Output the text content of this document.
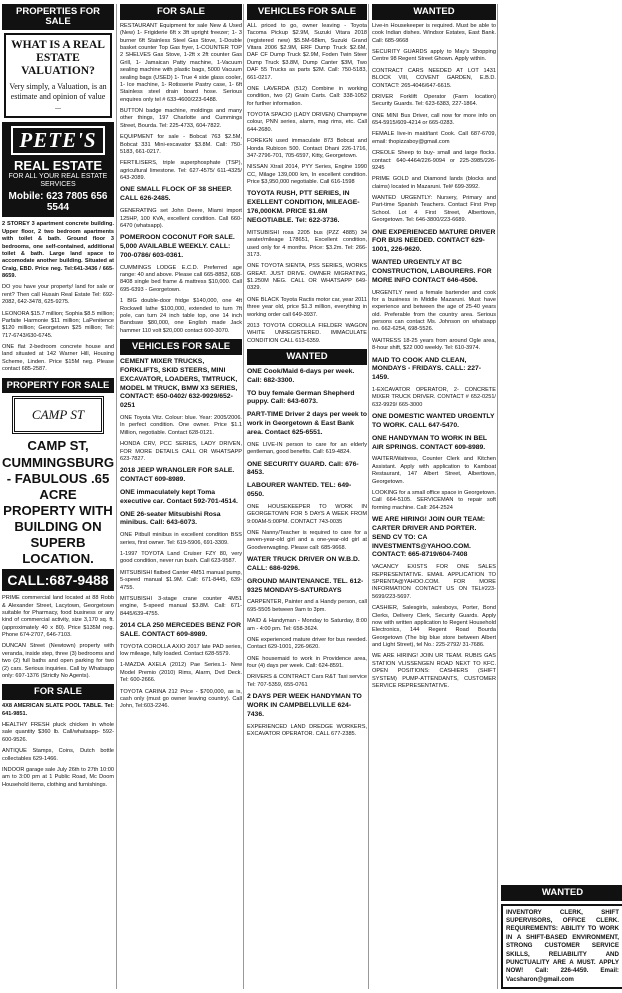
PROPERTIES FOR SALE
WHAT IS A REAL ESTATE VALUATION?
Very simply, a Valuation, is an estimate and opinion of value ...
PETE'S
REAL ESTATE
FOR ALL YOUR REAL ESTATE SERVICES
Mobile: 623 7805 656 5544

2 STOREY 3 apartment concrete building. Upper floor, 2 two bedroom apartments with toilet & bath. Ground floor 3 bedrooms, one self-contained, additional toilet & bath. Large land space to accomodate another building. Situated at Craig, EBD. Price neg. Tel:641-3436 / 665-8659.

DO you have your property/ land for sale or rent? Then call Husain Real Estate Tel: 692-2082, 642-3478, 625-9275.

LEONORA $15.7 million; Sophia $8.5 million; Parfaite Harmonie $11 million; LaPenitence $120 million; Georgetown $25 million; Tel: 717-6743/630-6745.

ONE flat 2-bedroom concrete house and land situated at 142 Warner Hill, Housing Scheme, Linden. Price $15M neg. Please contact 685-2587.

PROPERTY FOR SALE
CAMP ST
CAMP ST, CUMMINGSBURG - FABULOUS .65 ACRE PROPERTY WITH BUILDING ON SUPERB LOCATION.
CALL:687-9488

PRIME commercial land located at 88 Robb & Alexander Street, Lacytown, Georgetown suitable for Pharmacy, food business or any kind of commercial activity, size 3,170 sq. ft. (approximately 40 x 80). Price $135M neg. Phone 674-2707, 646-7103.

DUNCAN Street (Newtown) property with veranda, inside step, three (3) bedrooms and two (2) full baths and open parking for two (2) cars. Serious inquiries. Call by Whatsapp only: 697-1376 (Strictly No Agents).

FOR SALE

4X8 AMERICAN SLATE POOL TABLE. Tel: 641-9851.

HEALTHY FRESH pluck chicken in whole sale quantity $360 lb. Call/whatsapp- 592-600-9526.

ANTIQUE Stamps, Coins, Dutch bottle collectables 629-1466.

INDOOR garage sale July 26th to 27th 10:00 am to 3:00 pm at 1 Public Road, Mc Doom Household items, clothing and furnishings.

FOR SALE

RESTAURANT Equipment for sale New & Used (New) 1- Frigiderie 6ft x 3ft upright freezer; 1- 3 burner 6ft Stainless Steel Gas Stove, 1-Double basket counter Top Gas fryer, 1-COUNTER TOP 2 SHELVES Gas Stove, 1-2ft x 2ft counter Gas Grill, 1- Jamaican Patty machine, 1-Vacuum sealing machine with plastic bags, 5000 Vacuum sealing bags (USED) 1- True 4 side glass cooler, 1- Ice machine, 1- Rotisserie Pastry case, 1- 6ft Stainless steel drain board hose. Serious enquires only tel # 633-4600/223-6488.

BUTTON badge machine, moldings and many other things, 197 Charlotte and Cummings Street, Bourda. Tel: 225-4733, 604-7822.

EQUIPMENT for sale - Bobcat 763 $2.5M, Bobcat 331 Mini-excavator $3.8M. Call: 750-5183, 661-0217.

FERTILISERS, triple superphosphate (TSP), agricultural limestone. Tel: 627-4575/ 611-4325/ 643-2089.

ONE SMALL FLOCK OF 38 SHEEP. CALL 626-2485.

GENERATING set John Deere, Miami import 125HP, 100 KVA, excellent condition. Call 660-6470 (whatsapp).

POMEROON COCONUT FOR SALE. 5,000 AVAILABLE WEEKLY. CALL: 700-0786/ 603-0361.

CUMMINGS LODGE E.C.D. Preferred age range: 40 and above. Please call 665-8852, 608-8408 single bed frame & mattress $10,000. Call 695-6393 - Georgetown.

1 BIG double-door fridge $140,000, one 4ft Rockwell lathe $100,000, extended to turn 7ft pole, can turn 24 inch table top, one 14 inch Bandsaw $80,000, one English made Jack hammer 110 volt $20,000 contact 600-3070.

VEHICLES FOR SALE

CEMENT MIXER TRUCKS, FORKLIFTS, SKID STEERS, MINI EXCAVATOR, LOADERS, TMTRUCK, MODEL M TRUCK, BMW X3 SERIES, CONTACT: 650-0402/ 632-9929/652-0251

ONE Toyota Vitz. Colour: blue. Year: 2005/2006. In perfect condition. One owner. Price $1.1 Million, negotiable. Contact 628-0121.

HONDA CRV, PCC SERIES, LADY DRIVEN, FOR MORE DETAILS CALL OR WHATSAPP 623-7827.

2018 JEEP WRANGLER FOR SALE. CONTACT 609-8989.

ONE immaculately kept Toma executive car. Contact 592-701-4514.

ONE 26-seater Mitsubishi Rosa minibus. Call: 643-6073.

ONE Pitbull minibus in excellent condition BSS series, first owner. Tel: 619-5906, 691-3309.

1-1997 TOYOTA Land Cruiser FZY 80, very good condition, never run bush. Call 623-9587.

MITSUBISHI flatbed Canter 4M51 manual pump, 5-speed manual $1.9M. Call: 671-8445, 639-4755.

MITSUBISHI 3-stage crane counter 4M51 engine, 5-speed manual $3.8M. Call: 671-8445/639-4755.

2014 CLA 250 MERCEDES BENZ FOR SALE. CONTACT 609-8989.

TOYOTA COROLLA AXIO 2017 late PAD series, low mileage, fully loaded. Contact 628-5579.

1-MAZDA AXELA (2012) Pae Series.1- New Model Premio (2010) Rims, Alarm, Dvd Deck. Tel: 600-2666.

TOYOTA CARINA 212 Price - $700,000, as is, cash only (must go owner leaving country). Call John, Tel:603-2246.

VEHICLES FOR SALE

ALL priced to go, owner leaving - Toyota Tacoma Pickup $2.9M, Suzuki Vitara 2018 (registered new) $5.5M-68km, Suzuki Grand Vitara 2006 $2.9M, ERF Dump Truck $2.6M, DAF CF Dump Truck $2.9M, Foden Twin Steer Dump Truck $3.8M, Dump Canter $3M, Two DAF 55 Trucks as parts $2M. Call: 750-5183, 661-0217.

ONE LAVERDA (512) Combine in working condition, two (2) Grain Carts. Call: 338-1052 for further information.

TOYOTA SPACIO (LADY DRIVEN) Champayne colour, PNN series, alarm, mag rims, etc. Call 644-2680.

FOREIGN used immaculate 873 Bobcat and Honda Rubicon 500. Contact Dhani 226-1716, 347-2796-701, 705-6597, Kitty, Georgetown.

NISSAN Xtrail 2014, PYY Series, Engine 1990 CC, Milage 139,000 km, In excellent condition. Price $3,950,000 negotiable. Call 616-1598

TOYOTA RUSH, PTT SERIES, IN EXELLENT CONDITION, MILEAGE-176,000KM. PRICE $1.6M NEGOTIABLE. Tel: 622-3736.

MITSUBISHI rosa 2205 bus (PZZ 4885) 34 seater/mileage 178651, Excellent condition, used only for 4 months. Price: $3.2m. Tel: 266-3173.

ONE TOYOTA SIENTA, PSS SERIES, WORKS GREAT. JUST DRIVE. OWNER MIGRATING, $1.250M NEG. CALL OR WHATSAPP 649-0329.

ONE BLACK Toyota Ractis motor car, year 2011 three year old, price $1.3 million, everything in working order call 649-3937.

2013 TOYOTA COROLLA FIELDER WAGON WHITE UNREGISTERED. IMMACULATE CONDITION CALL 613-6359.

WANTED

ONE Cook/Maid 6-days per week. Call: 682-3300.

TO buy female German Shepherd puppy. Call: 643-6073.

PART-TIME Driver 2 days per week to work in Georgetown & East Bank area. Contact 625-6551.

ONE LIVE-IN person to care for an elderly gentleman, good benefits. Call: 619-4824.

ONE SECURITY GUARD. Call: 676-8453.

LABOURER WANTED. TEL: 649-0550.

ONE HOUSEKEEPER TO WORK IN GEORGETOWN FOR 5 DAYS A WEEK FROM 9:00AM-5:00PM. CONTACT 743-0035

ONE Nanny/Teacher is required to care for a seven-year-old girl and a one-year-old girl at Goodverwagting. Please call: 685-9668.

WATER TRUCK DRIVER ON W.B.D. CALL: 686-9296.

GROUND MAINTENANCE. TEL. 612-9325 MONDAYS-SATURDAYS

CARPENTER, Painter and a Handy person, call 695-5505 between 9am to 3pm.

MAID & Handyman - Monday to Saturday, 8:00 am - 4:00 pm. Tel: 658-3624.

ONE experienced mature driver for bus needed. Contact 629-1001, 226-9620.

ONE housemaid to work in Providence area, four (4) days per week. Call: 624-8591.

DRIVERS & CONTRACT Cars R&T Taxi service Tel: 707-5359, 655-0761

2 DAYS PER WEEK HANDYMAN TO WORK IN CAMPBELLVILLE 624-7436.

EXPERIENCED LAND DREDGE WORKERS, EXCAVATOR OPERATOR. CALL 677-2385.

WANTED

Live-in Housekeeper is required. Must be able to cook Indian dishes. Windsor Estates, East Bank. Call: 685-9668

SECURITY GUARDS apply to May's Shopping Centre 98 Regent Street Ghown. Apply within.

CONTRACT CARS NEEDED AT LOT 1431 BLOCK VIII, COVENT GARDEN, E.B.D. CONTACT: 265-4046/647-6615.

DRIVER Forklift Operator (Farm location) Security Guards. Tel: 623-6383, 227-1864.

ONE MINI Bus Driver, call now for more info on 654-5915/609-4214 or 665-0283.

FEMALE live-in maid/tant Cook. Call 687-6709, email: thopizzaboy@gmail.com

CREOLE Sheep to buy- small and large flocks. contact: 640-4464/226-9094 or 225-3985/226-9245

PRIME GOLD and Diamond lands (blocks and claims) located in Mazaruni. Tel# 699-3992.

WANTED URGENTLY: Nursery, Primary and Part-time Spanish Teachers. Contact First Prep School. Lot 4 First Street, Alberttown, Georgetown. Tel: 646-3800/223-6689.

ONE EXPERIENCED MATURE DRIVER FOR BUS NEEDED. CONTACT 629-1001, 226-9620.

WANTED URGENTLY AT BC CONSTRUCTION, LABOURERS. FOR MORE INFO CONTACT 646-4506.

URGENTLY need a female bartender and cook for a business in Middle Mazaruni. Must have experience and between the age of 25-40 years old. Preferable from the country area. Serious persons can contact Ms. Johnson on whatsapp no. 662-6254, 698-5526.

WAITRESS 18-25 years from around Ogle area, 8-hour shift, $22 000 weekly. Tel: 610-3974.

MAID TO COOK AND CLEAN, MONDAYS - FRIDAYS. CALL: 227-1459.

1-EXCAVATOR OPERATOR, 2- CONCRETE MIXER TRUCK DRIVER. CONTACT # 652-0251/ 632-9929/ 665-3000

ONE DOMESTIC WANTED URGENTLY TO WORK. CALL 647-5470.

ONE HANDYMAN TO WORK IN BEL AIR SPRINGS. CONTACT 609-8989.

WAITER/Waitress, Counter Clerk and Kitchen Assistant. Apply with application to Kamboat Restaurant, 147 Albert Street, Alberttown, Georgetown.

LOOKING for a small office space in Georgetown. Call 664-5105. SERVICEMAN to repair soft forming machine. Call: 264-2524

WE ARE HIRING! JOIN OUR TEAM: CARTER DRIVER AND PORTER. SEND CV TO: CA INVESTMENTS@YAHOO.COM. CONTACT: 665-8719/604-7408

VACANCY EXISTS FOR ONE SALES REPRESENTATIVE. EMAIL APPLICATION TO SPRENTA@YAHOO.COM. FOR MORE INFORMATION CONTACT US ON TEL#223-5699/223-5697.

CASHIER, Salesgirls, salesboys, Porter, Bond Clerks, Delivery Clerk, Security Guards. Apply now with written application to Regent Household Electronics, 144 Regent Road Bourda Georgetown (The big blue store between Albert and Light Street), tel No.: 225-2792/ 31-7686.

WE ARE HIRING! JOIN UR TEAM. RUBIS GAS STATION VLISSENGEN ROAD NEXT TO KFC. OPEN POSITIONS: CASHIERS (SHIFT SYSTEM) PUMP-ATTENDANTS, CUSTOMER SERVICE REPRESENTATIVE.

WANTED
INVENTORY CLERK, SHIFT SUPERVISORS, OFFICE CLERK. REQUIREMENTS: ABILITY TO WORK IN A SHIFT-BASED ENVIRONMENT, STRONG CUSTOMER SERVICE SKILLS, RELIABILITY AND PUNCTUALITY ARE A MUST. APPLY NOW! Call: 226-4459. Email: Vacsharon@gmail.com
